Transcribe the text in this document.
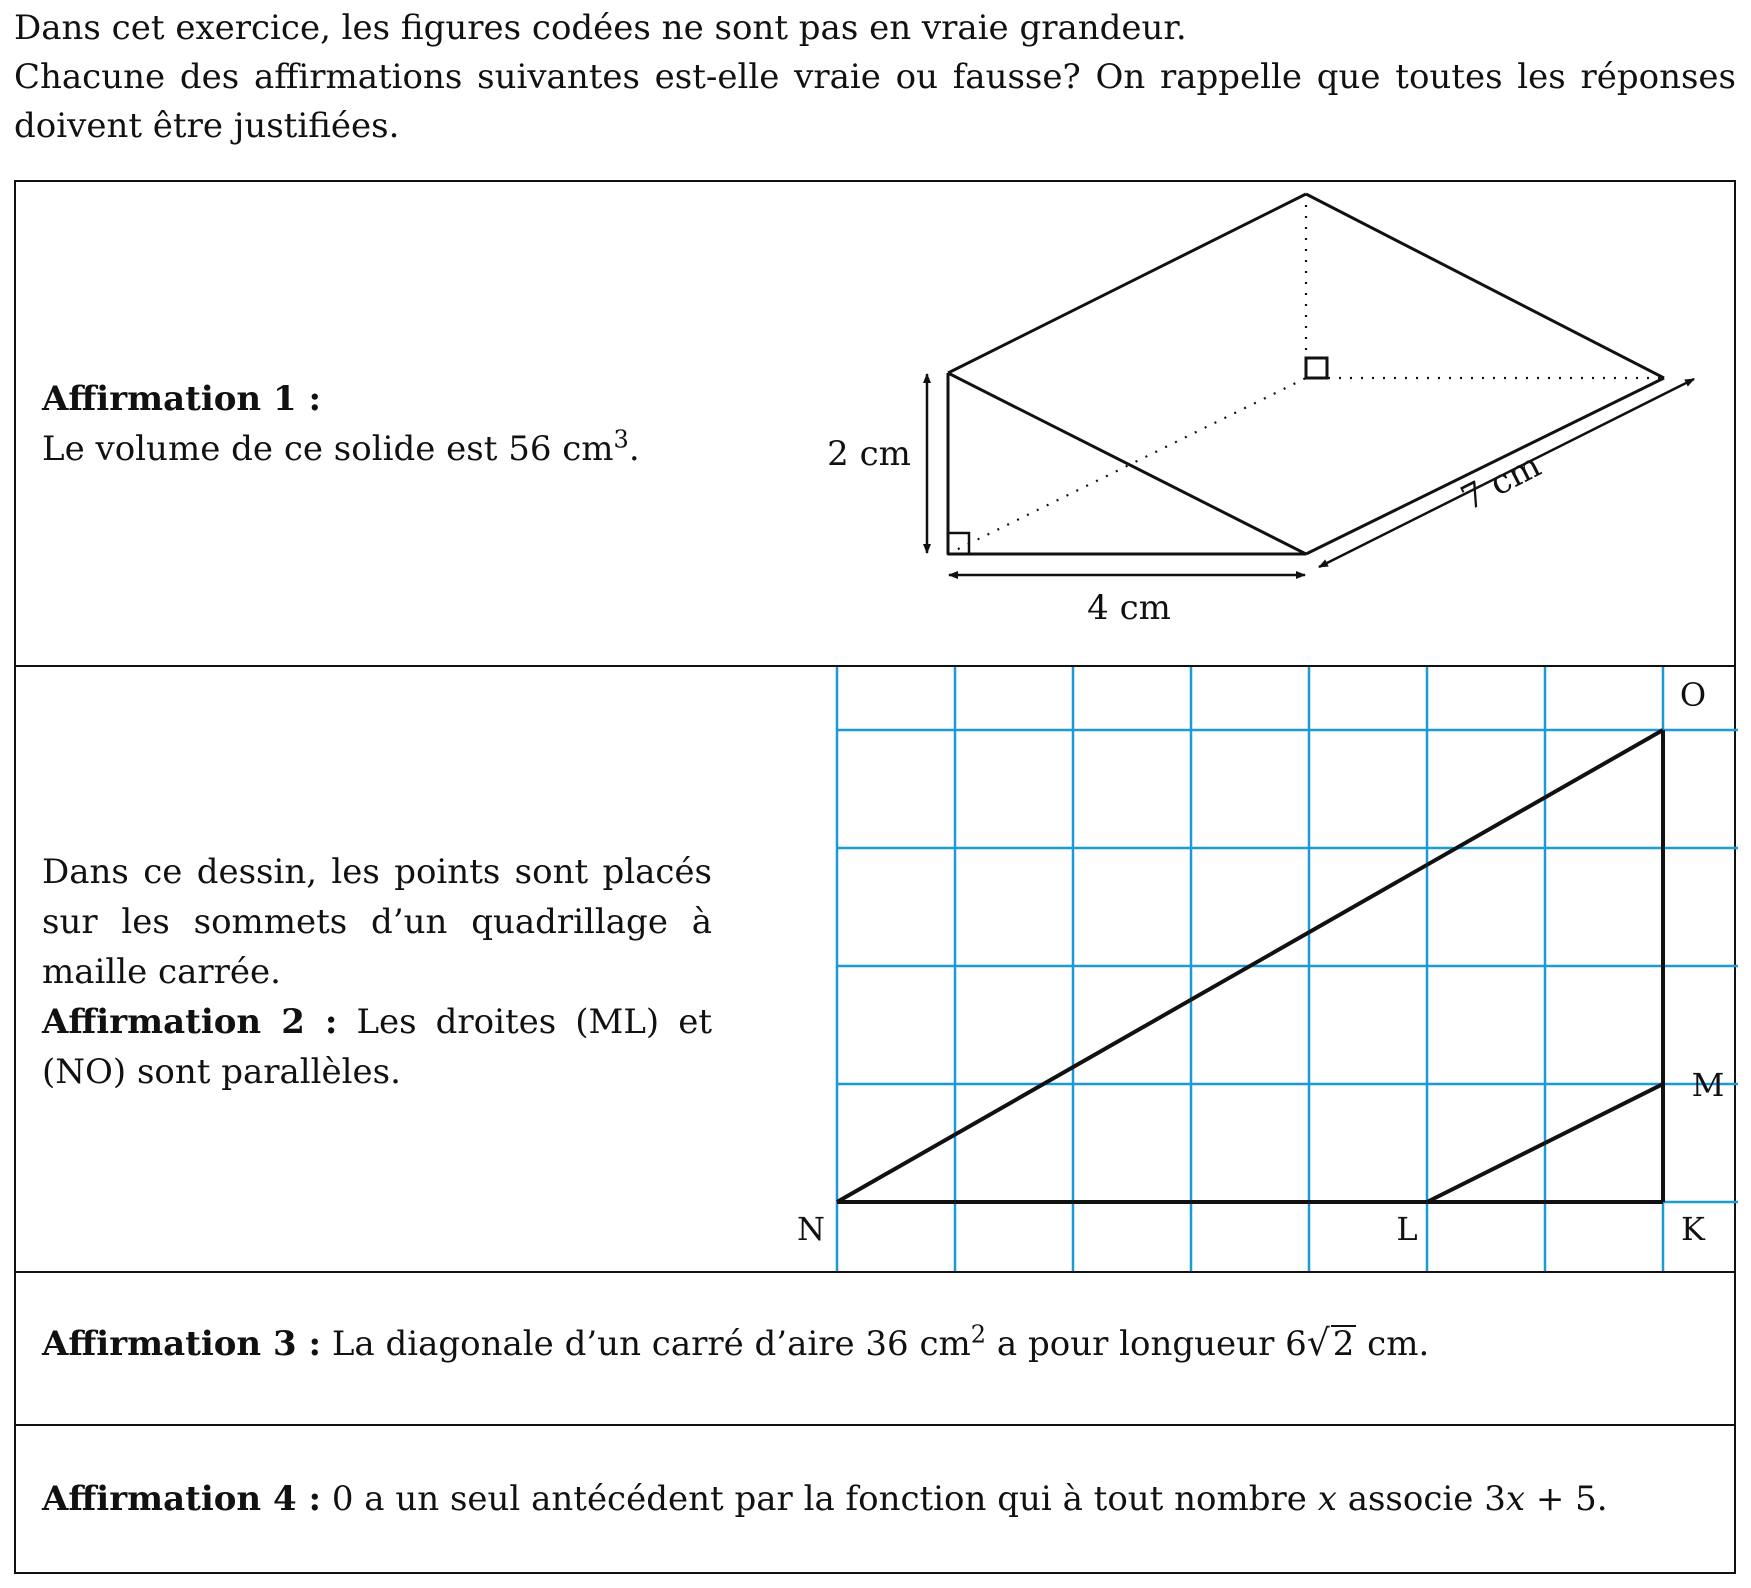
Dans cet exercice, les figures codées ne sont pas en vraie grandeur.

Chacune des affirmations suivantes est-elle vraie ou fausse? On rappelle que toutes les réponses doivent être justifiées.

Affirmation 1 :
Le volume de ce solide est 56 $cm^3$.	2 cm
4 cm
7 cm

Dans ce dessin, les points sont placés sur les sommets d’un quadrillage à maille carrée.

Affirmation 2 : Les droites (ML) et (NO) sont parallèles.

O
M
N	L	K
Affirmation 3 : La diagonale d’un carré d’aire 36 $cm^2$ a pour longueur 6√2 cm.
Affirmation 4 : 0 a un seul antécédent par la fonction qui à tout nombre x associe 3x + 5.
